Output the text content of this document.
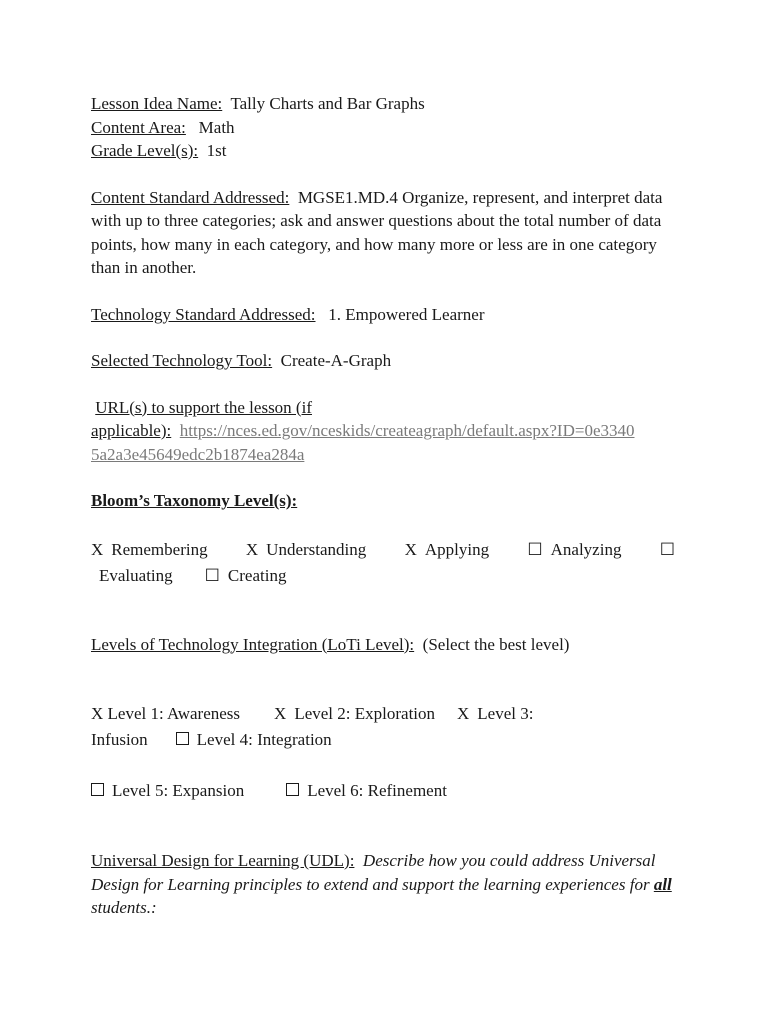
Lesson Idea Name: Tally Charts and Bar Graphs
Content Area: Math
Grade Level(s): 1st
Content Standard Addressed: MGSE1.MD.4 Organize, represent, and interpret data with up to three categories; ask and answer questions about the total number of data points, how many in each category, and how many more or less are in one category than in another.
Technology Standard Addressed: 1. Empowered Learner
Selected Technology Tool: Create-A-Graph
URL(s) to support the lesson (if
applicable): https://nces.ed.gov/nceskids/createagraph/default.aspx?ID=0e3340
5a2a3e45649edc2b1874ea284a
Bloom’s Taxonomy Level(s):
X Remembering X Understanding X Applying ☐ Analyzing ☐
Evaluating ☐ Creating
Levels of Technology Integration (LoTi Level): (Select the best level)
X Level 1: Awareness X Level 2: Exploration X Level 3:
Infusion	Level 4: Integration
Level 5: Expansion	Level 6: Refinement
Universal Design for Learning (UDL): Describe how you could address Universal Design for Learning principles to extend and support the learning experiences for all students.:
